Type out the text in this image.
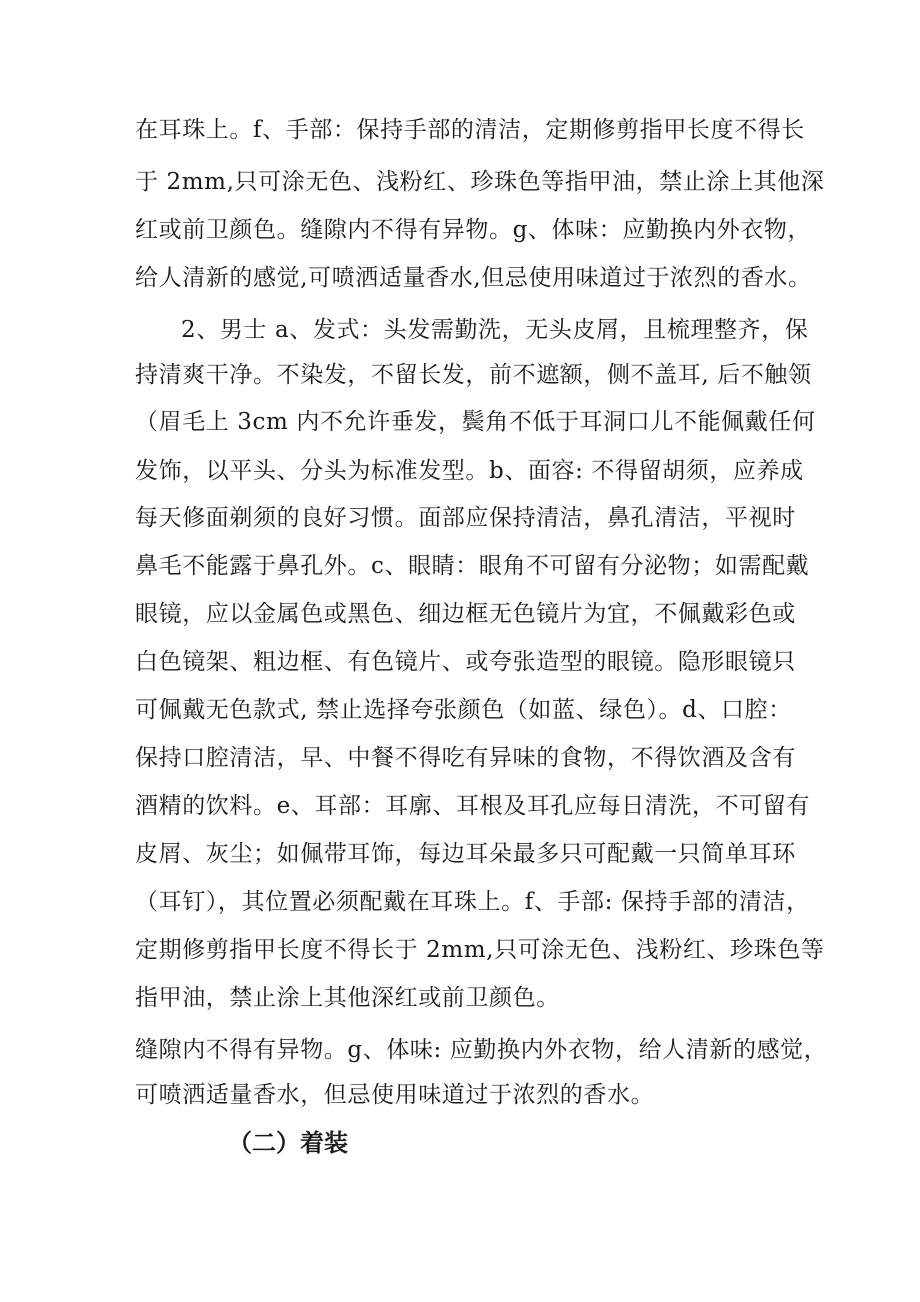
在耳珠上。f、手部：保持手部的清洁，定期修剪指甲长度不得长
于 2mm,只可涂无色、浅粉红、珍珠色等指甲油，禁止涂上其他深
红或前卫颜色。缝隙内不得有异物。g、体味：应勤换内外衣物，
给人清新的感觉,可喷洒适量香水,但忌使用味道过于浓烈的香水。
2、男士 a、发式：头发需勤洗，无头皮屑，且梳理整齐，保
持清爽干净。不染发，不留长发，前不遮额，侧不盖耳, 后不触领
（眉毛上 3cm 内不允许垂发，鬓角不低于耳洞口儿不能佩戴任何
发饰，以平头、分头为标准发型。b、面容: 不得留胡须，应养成
每天修面剃须的良好习惯。面部应保持清洁，鼻孔清洁，平视时
鼻毛不能露于鼻孔外。c、眼睛：眼角不可留有分泌物；如需配戴
眼镜，应以金属色或黑色、细边框无色镜片为宜，不佩戴彩色或
白色镜架、粗边框、有色镜片、或夸张造型的眼镜。隐形眼镜只
可佩戴无色款式, 禁止选择夸张颜色（如蓝、绿色）。d、口腔：
保持口腔清洁，早、中餐不得吃有异味的食物，不得饮酒及含有
酒精的饮料。e、耳部：耳廓、耳根及耳孔应每日清洗，不可留有
皮屑、灰尘；如佩带耳饰，每边耳朵最多只可配戴一只简单耳环
（耳钉），其位置必须配戴在耳珠上。f、手部: 保持手部的清洁，
定期修剪指甲长度不得长于 2mm,只可涂无色、浅粉红、珍珠色等
指甲油，禁止涂上其他深红或前卫颜色。
缝隙内不得有异物。g、体味: 应勤换内外衣物，给人清新的感觉，
可喷洒适量香水，但忌使用味道过于浓烈的香水。
（二）着装
